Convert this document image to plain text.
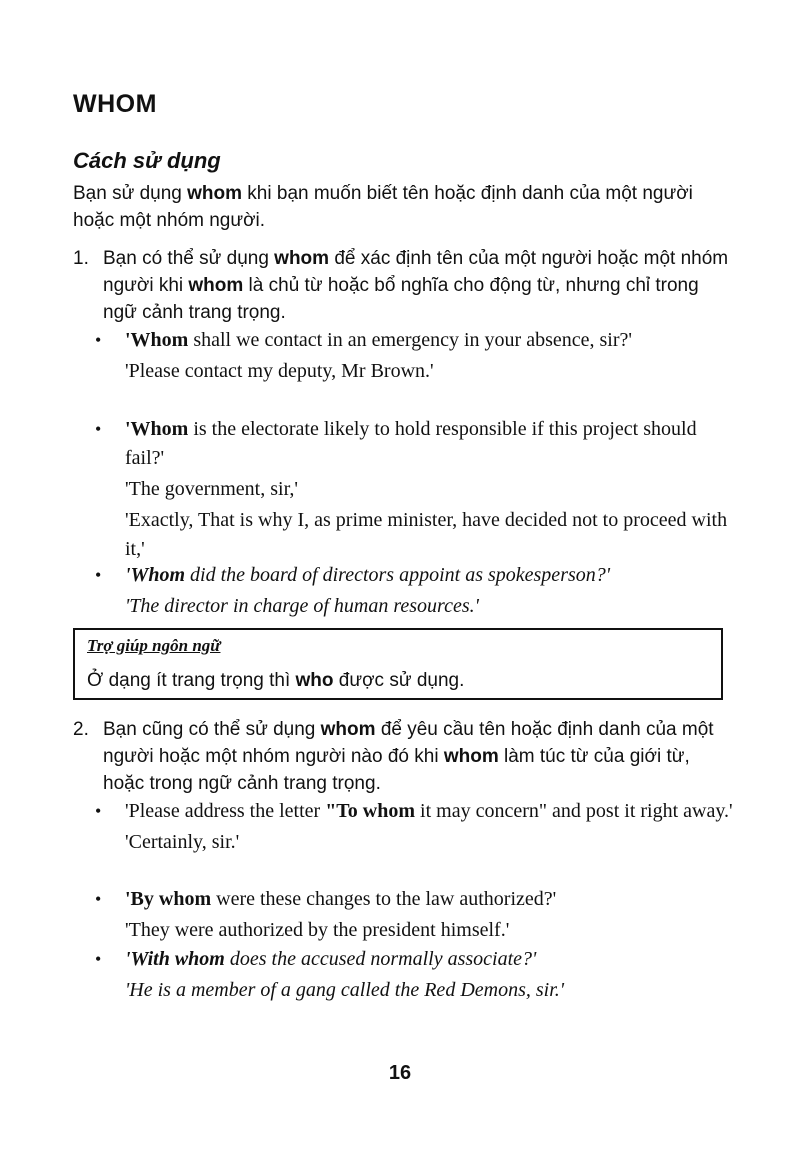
WHOM
Cách sử dụng
Bạn sử dụng whom khi bạn muốn biết tên hoặc định danh của một người hoặc một nhóm người.
1. Bạn có thể sử dụng whom để xác định tên của một người hoặc một nhóm người khi whom là chủ từ hoặc bổ nghĩa cho động từ, nhưng chỉ trong ngữ cảnh trang trọng.
• 'Whom shall we contact in an emergency in your absence, sir?'
'Please contact my deputy, Mr Brown.'
• 'Whom is the electorate likely to hold responsible if this project should fail?'
'The government, sir,'
'Exactly, That is why I, as prime minister, have decided not to proceed with it,'
• 'Whom did the board of directors appoint as spokesperson?'
'The director in charge of human resources.'
Trợ giúp ngôn ngữ
Ở dạng ít trang trọng thì who được sử dụng.
2. Bạn cũng có thể sử dụng whom để yêu cầu tên hoặc định danh của một người hoặc một nhóm người nào đó khi whom làm túc từ của giới từ, hoặc trong ngữ cảnh trang trọng.
• 'Please address the letter "To whom it may concern" and post it right away.'
'Certainly, sir.'
• 'By whom were these changes to the law authorized?'
'They were authorized by the president himself.'
• 'With whom does the accused normally associate?'
'He is a member of a gang called the Red Demons, sir.'
16
